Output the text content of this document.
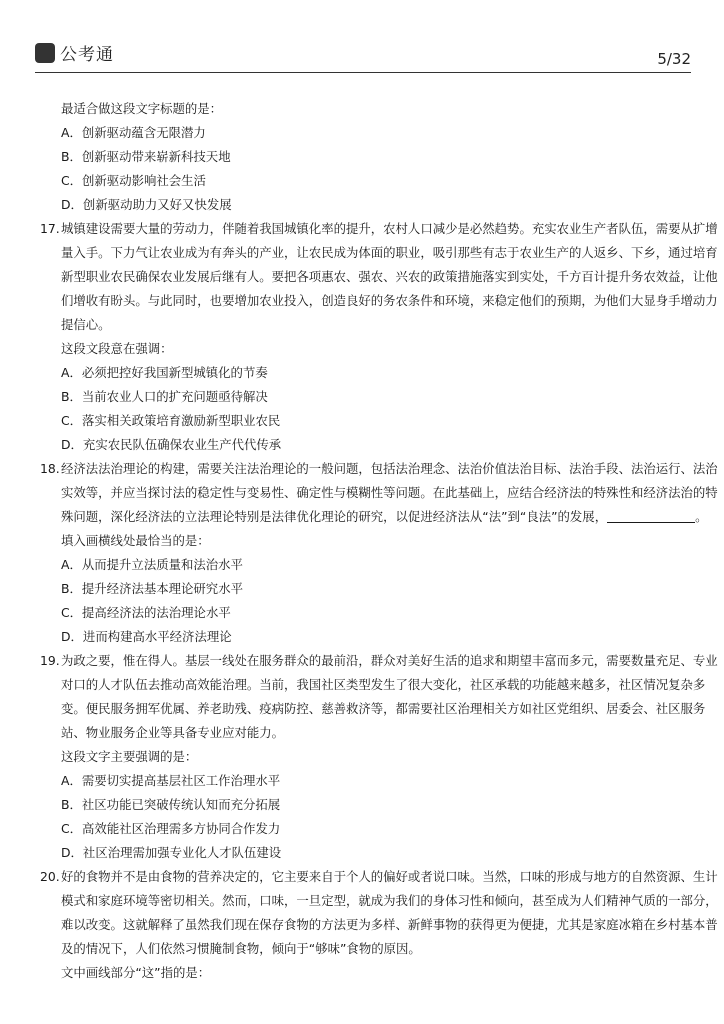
公考通	5/32
最适合做这段文字标题的是：
A．创新驱动蕴含无限潜力
B．创新驱动带来崭新科技天地
C．创新驱动影响社会生活
D．创新驱动助力又好又快发展
17.城镇建设需要大量的劳动力，伴随着我国城镇化率的提升，农村人口减少是必然趋势。充实农业生产者队伍，需要从扩增
量入手。下力气让农业成为有奔头的产业，让农民成为体面的职业，吸引那些有志于农业生产的人返乡、下乡，通过培育
新型职业农民确保农业发展后继有人。要把各项惠农、强农、兴农的政策措施落实到实处，千方百计提升务农效益，让他
们增收有盼头。与此同时，也要增加农业投入，创造良好的务农条件和环境，来稳定他们的预期，为他们大显身手增动力
提信心。
这段文段意在强调：
A．必须把控好我国新型城镇化的节奏
B．当前农业人口的扩充问题亟待解决
C．落实相关政策培育激励新型职业农民
D．充实农民队伍确保农业生产代代传承
18.经济法法治理论的构建，需要关注法治理论的一般问题，包括法治理念、法治价值法治目标、法治手段、法治运行、法治
实效等，并应当探讨法的稳定性与变易性、确定性与模糊性等问题。在此基础上，应结合经济法的特殊性和经济法治的特
殊问题，深化经济法的立法理论特别是法律优化理论的研究，以促进经济法从“法”到“良法”的发展，	。
填入画横线处最恰当的是：
A．从而提升立法质量和法治水平
B．提升经济法基本理论研究水平
C．提高经济法的法治理论水平
D．进而构建高水平经济法理论
19.为政之要，惟在得人。基层一线处在服务群众的最前沿，群众对美好生活的追求和期望丰富而多元，需要数量充足、专业
对口的人才队伍去推动高效能治理。当前，我国社区类型发生了很大变化，社区承载的功能越来越多，社区情况复杂多
变。便民服务拥军优属、养老助残、疫病防控、慈善救济等，都需要社区治理相关方如社区党组织、居委会、社区服务
站、物业服务企业等具备专业应对能力。
这段文字主要强调的是：
A．需要切实提高基层社区工作治理水平
B．社区功能已突破传统认知而充分拓展
C．高效能社区治理需多方协同合作发力
D．社区治理需加强专业化人才队伍建设
20.好的食物并不是由食物的营养决定的，它主要来自于个人的偏好或者说口味。当然，口味的形成与地方的自然资源、生计
模式和家庭环境等密切相关。然而，口味，一旦定型，就成为我们的身体习性和倾向，甚至成为人们精神气质的一部分，
难以改变。这就解释了虽然我们现在保存食物的方法更为多样、新鲜事物的获得更为便捷，尤其是家庭冰箱在乡村基本普
及的情况下，人们依然习惯腌制食物，倾向于“够味”食物的原因。
文中画线部分“这”指的是：
